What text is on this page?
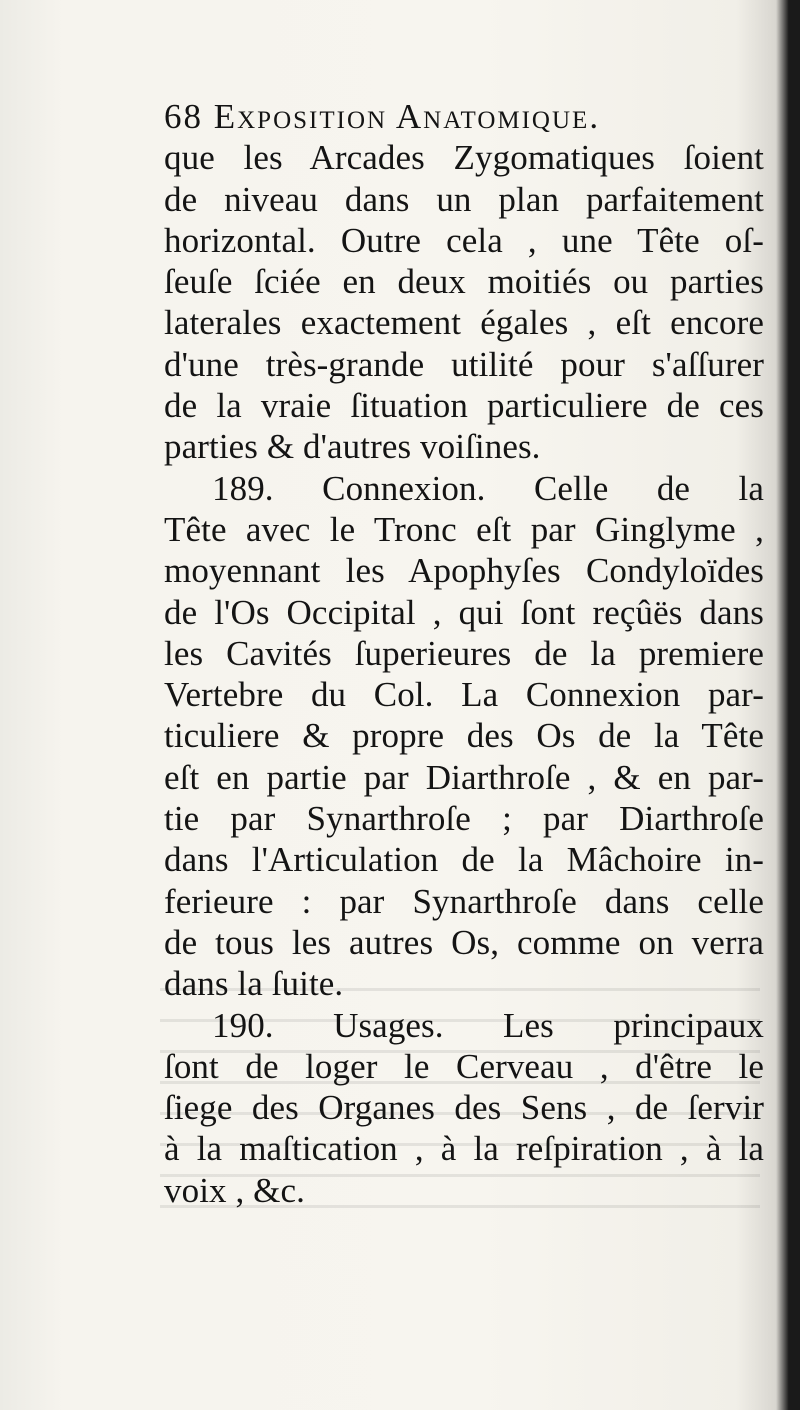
68 Exposition Anatomique.
que les Arcades Zygomatiques ſoient
de niveau dans un plan parfaitement
horizontal. Outre cela , une Tête oſ-
ſeuſe ſciée en deux moitiés ou parties
laterales exactement égales , eſt encore
d'une très-grande utilité pour s'aſſurer
de la vraie ſituation particuliere de ces
parties & d'autres voiſines.
189. Connexion. Celle de la
Tête avec le Tronc eſt par Ginglyme ,
moyennant les Apophyſes Condyloïdes
de l'Os Occipital , qui ſont reçûës dans
les Cavités ſuperieures de la premiere
Vertebre du Col. La Connexion par-
ticuliere & propre des Os de la Tête
eſt en partie par Diarthroſe , & en par-
tie par Synarthroſe ; par Diarthroſe
dans l'Articulation de la Mâchoire in-
ferieure : par Synarthroſe dans celle
de tous les autres Os, comme on verra
dans la ſuite.
190. Usages. Les principaux
ſont de loger le Cerveau , d'être le
ſiege des Organes des Sens , de ſervir
à la maſtication , à la reſpiration , à la
voix , &c.
